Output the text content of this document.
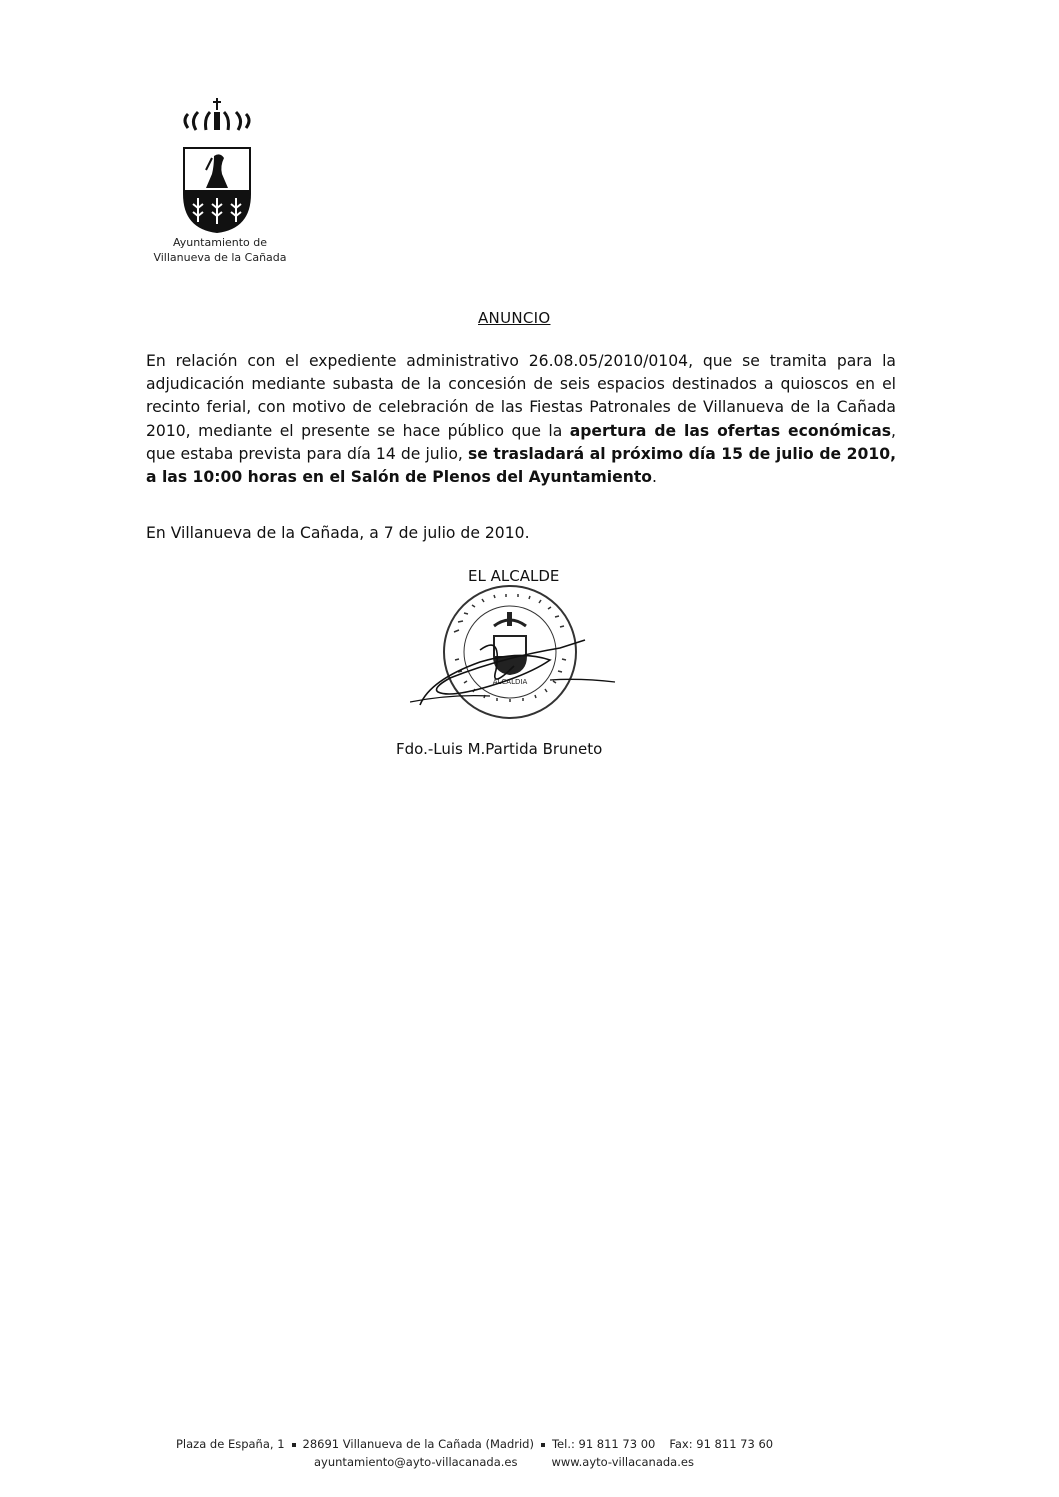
Ayuntamiento de
Villanueva de la Cañada
ANUNCIO
En relación con el expediente administrativo 26.08.05/2010/0104, que se tramita para la adjudicación mediante subasta de la concesión de seis espacios destinados a quioscos en el recinto ferial, con motivo de celebración de las Fiestas Patronales de Villanueva de la Cañada 2010, mediante el presente se hace público que la apertura de las ofertas económicas, que estaba prevista para día 14 de julio, se trasladará al próximo día 15 de julio de 2010, a las 10:00 horas en el Salón de Plenos del Ayuntamiento.
En Villanueva de la Cañada, a 7 de julio de 2010.
EL ALCALDE
ALCALDIA
Fdo.-Luis M.Partida Bruneto
Plaza de España, 1 28691 Villanueva de la Cañada (Madrid) Tel.: 91 811 73 00 Fax: 91 811 73 60
ayuntamiento@ayto-villacanada.es	www.ayto-villacanada.es
